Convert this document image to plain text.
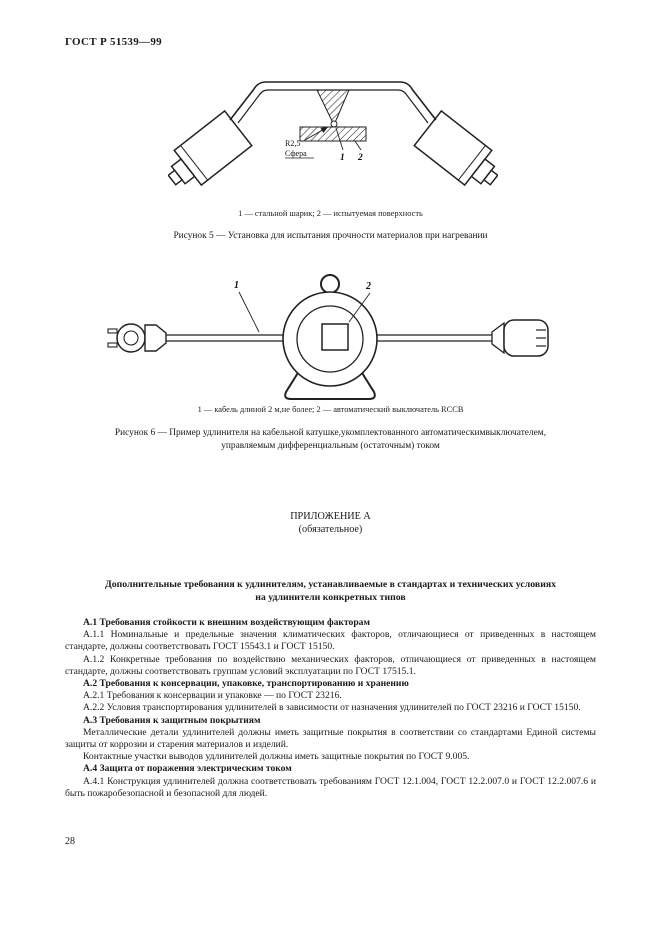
ГОСТ Р 51539—99
R2,5
Сфера	1 2
1 — стальной шарик; 2 — испытуемая поверхность
Рисунок 5 — Установка для испытания прочности материалов при нагревании
1	2
1 — кабель длиной 2 м,не более; 2 — автоматический выключатель RCCB
Рисунок 6 — Пример удлинителя на кабельной катушке,укомплектованного автоматическимвыключателем,
управляемым дифференциальным (остаточным) током
ПРИЛОЖЕНИЕ А
(обязательное)
Дополнительные требования к удлинителям, устанавливаемые в стандартах и технических условиях
на удлинители конкретных типов

А.1 Требования стойкости к внешним воздействующим факторам

А.1.1 Номинальные и предельные значения климатических факторов, отличающиеся от приведенных в настоящем стандарте, должны соответствовать ГОСТ 15543.1 и ГОСТ 15150.

А.1.2 Конкретные требования по воздействию механических факторов, отличающиеся от приведенных в настоящем стандарте, должны соответствовать группам условий эксплуатации по ГОСТ 17515.1.

А.2 Требования к консервации, упаковке, транспортированию и хранению

А.2.1 Требования к консервации и упаковке — по ГОСТ 23216.

А.2.2 Условия транспортирования удлинителей в зависимости от назначения удлинителей по ГОСТ 23216 и ГОСТ 15150.

А.3 Требования к защитным покрытиям

Металлические детали удлинителей должны иметь защитные покрытия в соответствии со стандартами Единой системы защиты от коррозии и старения материалов и изделий.

Контактные участки выводов удлинителей должны иметь защитные покрытия по ГОСТ 9.005.

А.4 Защита от поражения электрическим током

А.4.1 Конструкция удлинителей должна соответствовать требованиям ГОСТ 12.1.004, ГОСТ 12.2.007.0 и ГОСТ 12.2.007.6 и быть пожаробезопасной и безопасной для людей.

28
